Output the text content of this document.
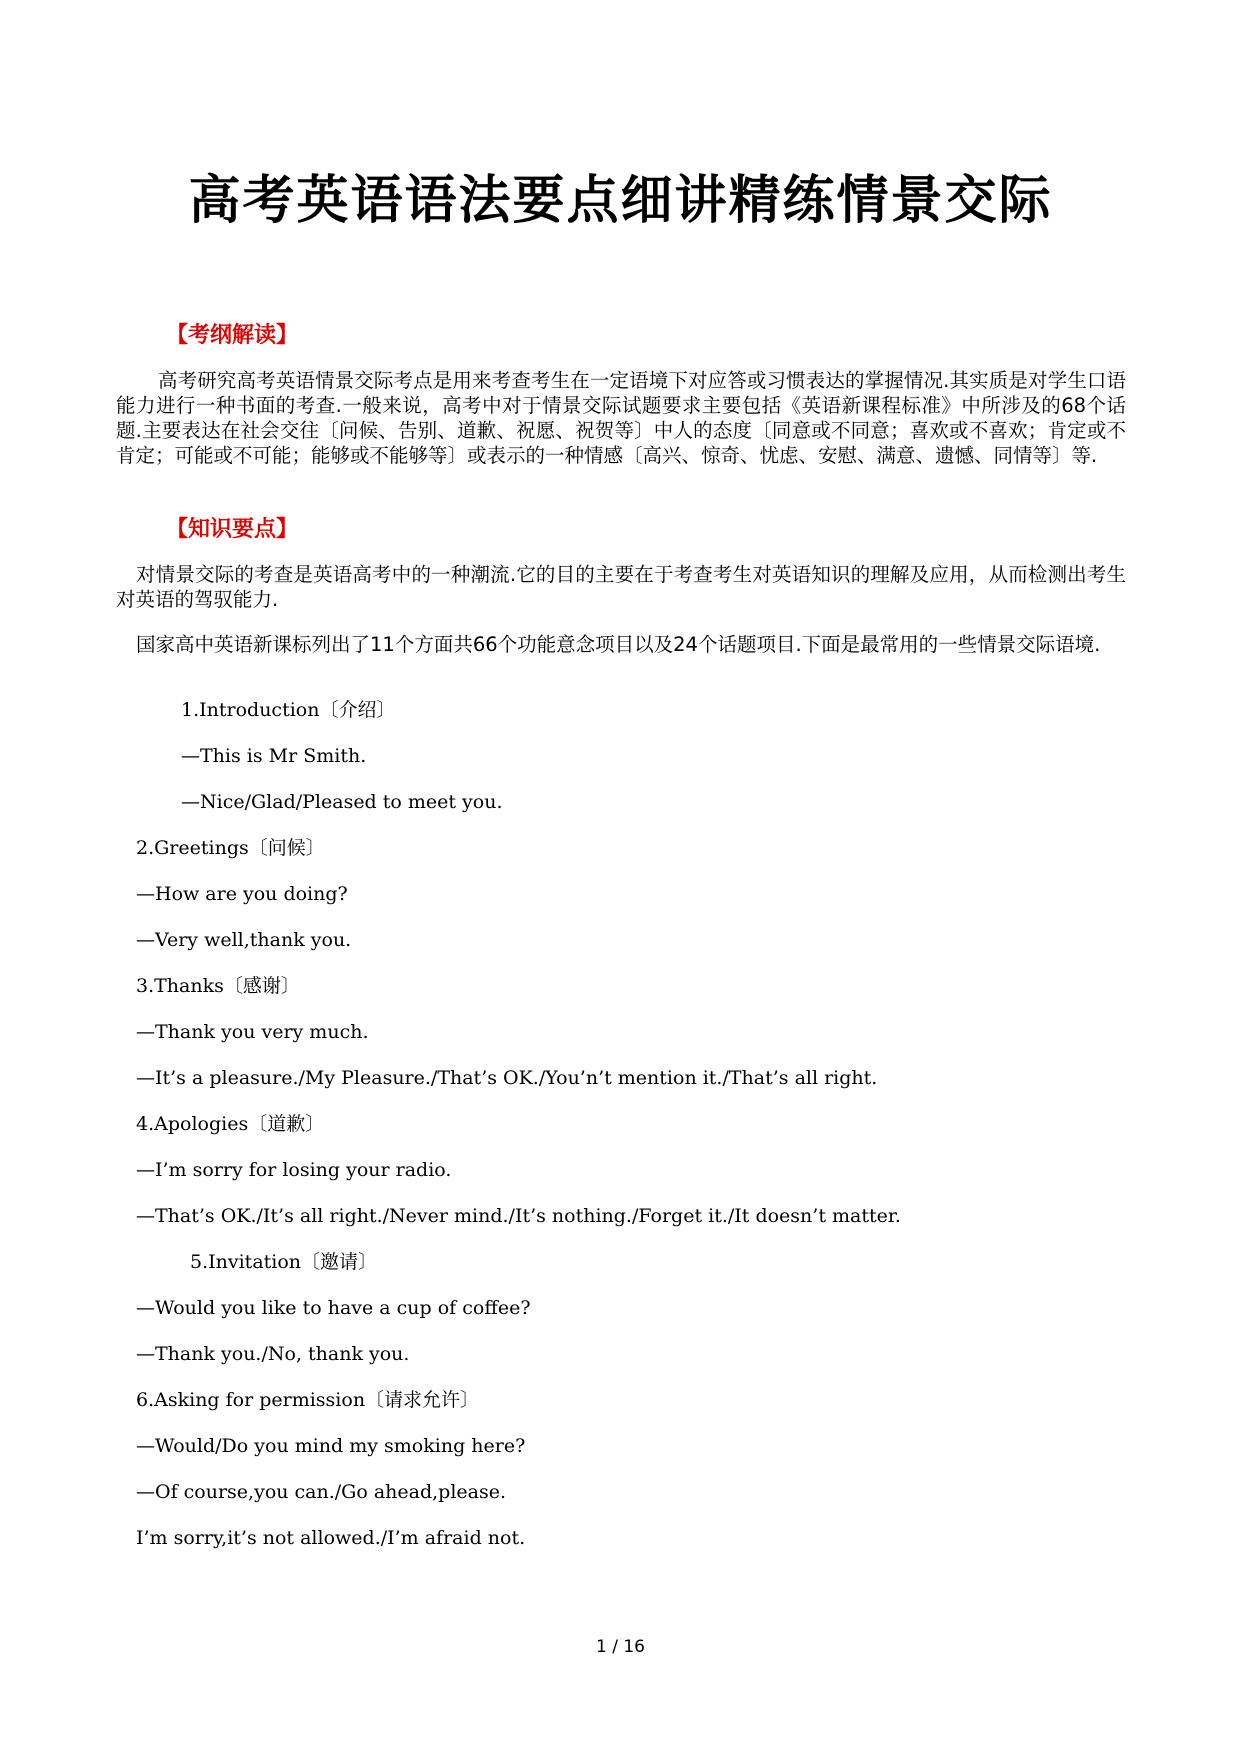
高考英语语法要点细讲精练情景交际
【考纲解读】
高考研究高考英语情景交际考点是用来考查考生在一定语境下对应答或习惯表达的掌握情况.其实质是对学生口语能力进行一种书面的考查.一般来说，高考中对于情景交际试题要求主要包括《英语新课程标准》中所涉及的68个话题.主要表达在社会交往〔问候、告别、道歉、祝愿、祝贺等〕中人的态度〔同意或不同意；喜欢或不喜欢；肯定或不肯定；可能或不可能；能够或不能够等〕或表示的一种情感〔高兴、惊奇、忧虑、安慰、满意、遗憾、同情等〕等.
【知识要点】
对情景交际的考查是英语高考中的一种潮流.它的目的主要在于考查考生对英语知识的理解及应用，从而检测出考生对英语的驾驭能力.
国家高中英语新课标列出了11个方面共66个功能意念项目以及24个话题项目.下面是最常用的一些情景交际语境.
1.Introduction〔介绍〕
—This is Mr Smith.
—Nice/Glad/Pleased to meet you.
2.Greetings〔问候〕
—How are you doing?
—Very well,thank you.
3.Thanks〔感谢〕
—Thank you very much.
—It’s a pleasure./My Pleasure./That’s OK./You’n’t mention it./That’s all right.
4.Apologies〔道歉〕
—I’m sorry for losing your radio.
—That’s OK./It’s all right./Never mind./It’s nothing./Forget it./It doesn’t matter.
5.Invitation〔邀请〕
—Would you like to have a cup of coffee?
—Thank you./No, thank you.
6.Asking for permission〔请求允许〕
—Would/Do you mind my smoking here?
—Of course,you can./Go ahead,please.
I’m sorry,it’s not allowed./I’m afraid not.
1 / 16
